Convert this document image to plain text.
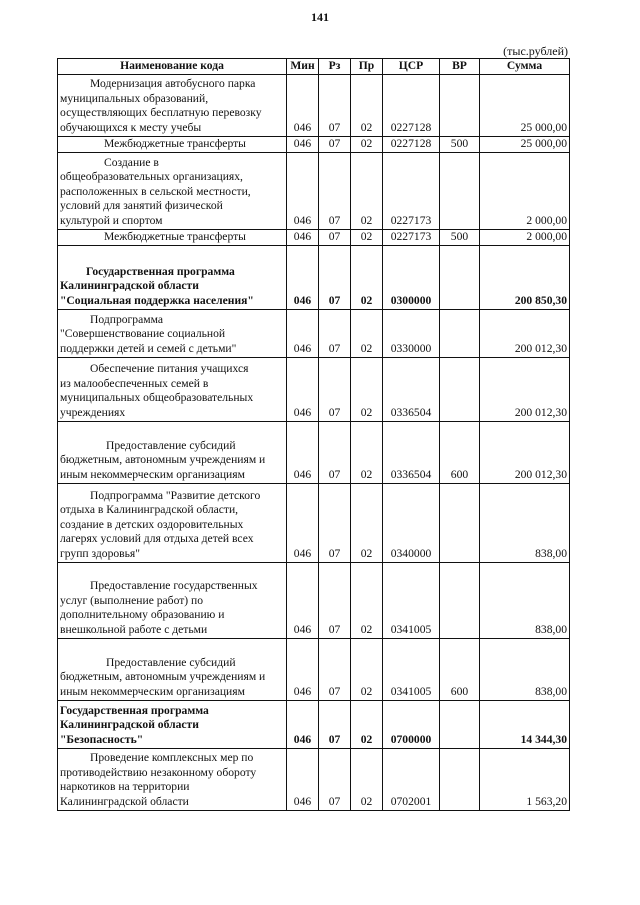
141
(тыс.рублей)
Наименование кода	Мин	Рз	Пр	ЦСР	ВР	Сумма

Модернизация автобусного парка
муниципальных образований,
осуществляющих бесплатную перевозку
обучающихся к месту учебы	046	07	02	0227128		25 000,00

Межбюджетные трансферты	046	07	02	0227128	500	25 000,00

Создание в
общеобразовательных организациях,
расположенных в сельской местности,
условий для занятий физической
культурой и спортом	046	07	02	0227173		2 000,00

Межбюджетные трансферты	046	07	02	0227173	500	2 000,00

Государственная программа
Калининградской области
"Социальная поддержка населения"	046	07	02	0300000		200 850,30

Подпрограмма
"Совершенствование социальной
поддержки детей и семей с детьми"	046	07	02	0330000		200 012,30

Обеспечение питания учащихся
из малообеспеченных семей в
муниципальных общеобразовательных
учреждениях	046	07	02	0336504		200 012,30

Предоставление субсидий
бюджетным, автономным учреждениям и
иным некоммерческим организациям	046	07	02	0336504	600	200 012,30

Подпрограмма "Развитие детского
отдыха в Калининградской области,
создание в детских оздоровительных
лагерях условий для отдыха детей всех
групп здоровья"	046	07	02	0340000		838,00

Предоставление государственных
услуг (выполнение работ) по
дополнительному образованию и
внешкольной работе с детьми	046	07	02	0341005		838,00

Предоставление субсидий
бюджетным, автономным учреждениям и
иным некоммерческим организациям	046	07	02	0341005	600	838,00

Государственная программа
Калининградской области
"Безопасность"	046	07	02	0700000		14 344,30

Проведение комплексных мер по
противодействию незаконному обороту
наркотиков на территории
Калининградской области	046	07	02	0702001		1 563,20
